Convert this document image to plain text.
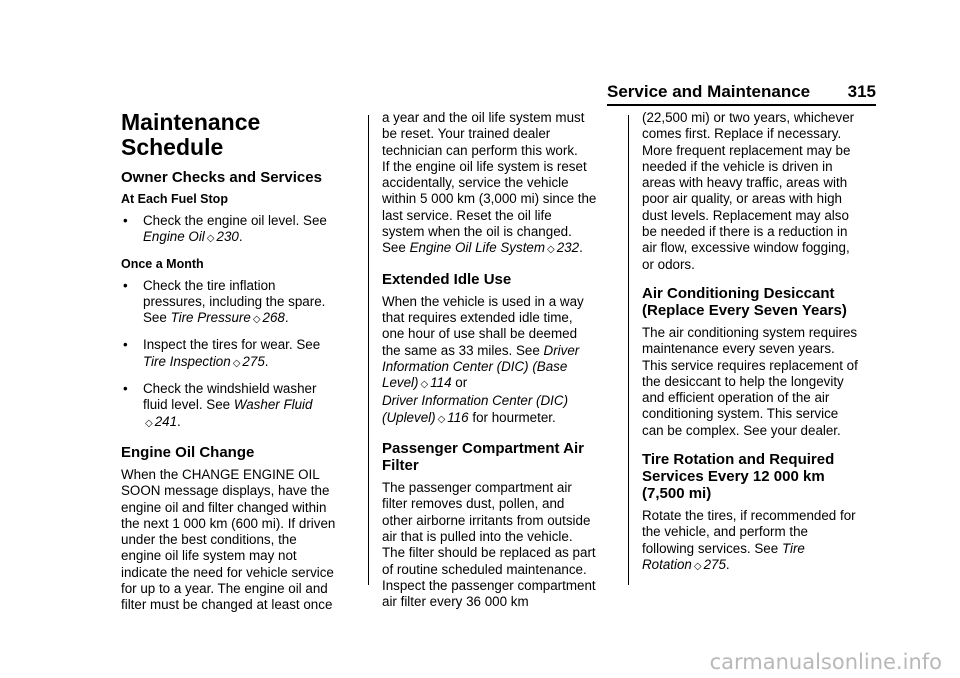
Service and Maintenance 315
Maintenance
Schedule
Owner Checks and Services
At Each Fuel Stop
• Check the engine oil level. See
Engine Oil ◇ 230.
Once a Month
• Check the tire inflation
pressures, including the spare.
See Tire Pressure ◇ 268.
• Inspect the tires for wear. See
Tire Inspection ◇ 275.
• Check the windshield washer
fluid level. See Washer Fluid
◇ 241.
Engine Oil Change

When the CHANGE ENGINE OIL
SOON message displays, have the
engine oil and filter changed within
the next 1 000 km (600 mi). If driven
under the best conditions, the
engine oil life system may not
indicate the need for vehicle service
for up to a year. The engine oil and
filter must be changed at least once

a year and the oil life system must
be reset. Your trained dealer
technician can perform this work.
If the engine oil life system is reset
accidentally, service the vehicle
within 5 000 km (3,000 mi) since the
last service. Reset the oil life
system when the oil is changed.
See Engine Oil Life System ◇ 232.

Extended Idle Use

When the vehicle is used in a way
that requires extended idle time,
one hour of use shall be deemed
the same as 33 miles. See Driver
Information Center (DIC) (Base
Level) ◇ 114 or
Driver Information Center (DIC)
(Uplevel) ◇ 116 for hourmeter.

Passenger Compartment Air
Filter

The passenger compartment air
filter removes dust, pollen, and
other airborne irritants from outside
air that is pulled into the vehicle.
The filter should be replaced as part
of routine scheduled maintenance.
Inspect the passenger compartment
air filter every 36 000 km

(22,500 mi) or two years, whichever
comes first. Replace if necessary.
More frequent replacement may be
needed if the vehicle is driven in
areas with heavy traffic, areas with
poor air quality, or areas with high
dust levels. Replacement may also
be needed if there is a reduction in
air flow, excessive window fogging,
or odors.

Air Conditioning Desiccant
(Replace Every Seven Years)

The air conditioning system requires
maintenance every seven years.
This service requires replacement of
the desiccant to help the longevity
and efficient operation of the air
conditioning system. This service
can be complex. See your dealer.

Tire Rotation and Required
Services Every 12 000 km
(7,500 mi)

Rotate the tires, if recommended for
the vehicle, and perform the
following services. See Tire
Rotation ◇ 275.

carmanualsonline.info
